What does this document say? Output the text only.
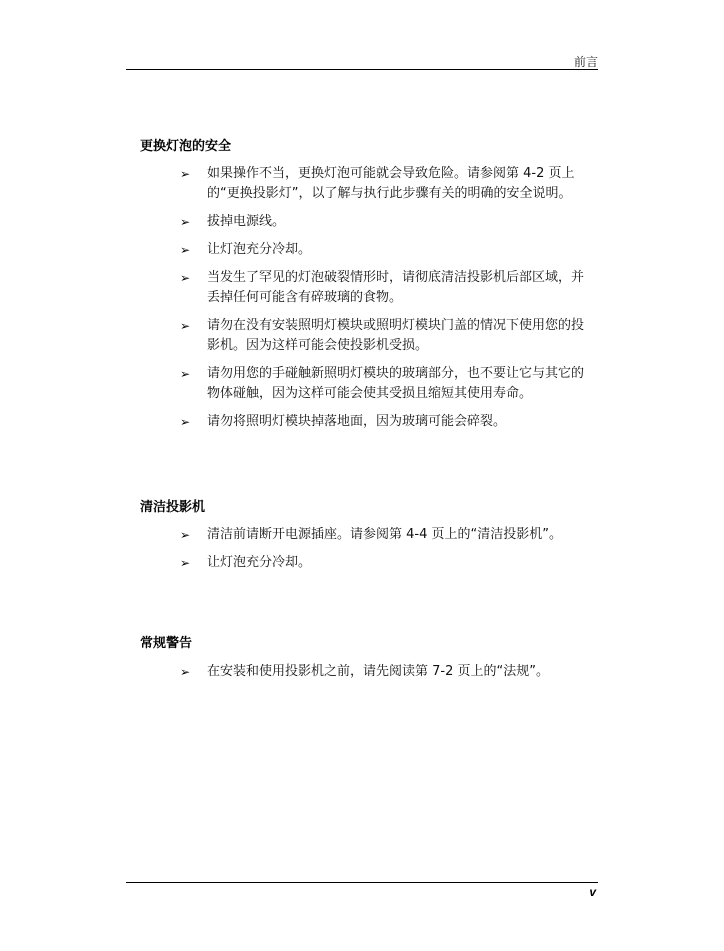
前言
更换灯泡的安全
➢ 如果操作不当，更换灯泡可能就会导致危险。请参阅第 4-2 页上的“更换投影灯”，以了解与执行此步骤有关的明确的安全说明。
➢ 拔掉电源线。
➢ 让灯泡充分冷却。
➢ 当发生了罕见的灯泡破裂情形时，请彻底清洁投影机后部区域，并丢掉任何可能含有碎玻璃的食物。
➢ 请勿在没有安装照明灯模块或照明灯模块门盖的情况下使用您的投影机。因为这样可能会使投影机受损。
➢ 请勿用您的手碰触新照明灯模块的玻璃部分，也不要让它与其它的物体碰触，因为这样可能会使其受损且缩短其使用寿命。
➢ 请勿将照明灯模块掉落地面，因为玻璃可能会碎裂。
清洁投影机
➢ 清洁前请断开电源插座。请参阅第 4-4 页上的“清洁投影机”。
➢ 让灯泡充分冷却。
常规警告
➢ 在安装和使用投影机之前，请先阅读第 7-2 页上的“法规”。
v
